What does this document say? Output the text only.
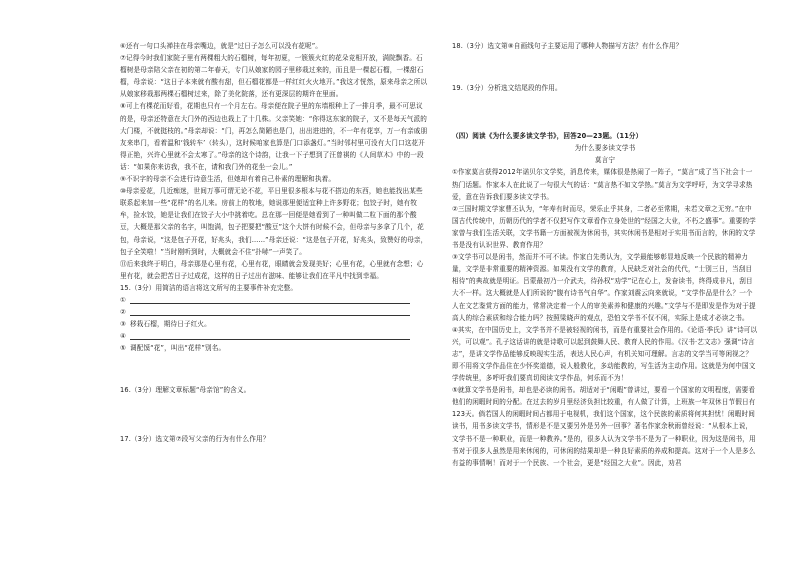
⑥还有一句口头禅挂在母亲嘴边，就是“过日子怎么可以没有花呢”。

⑦记得今时我们家院子里有两棵粗大的石榴树，每年初夏，一簇簇火红的花朵竞相开放，满院飘香。石榴树是母亲陪父亲在初的第二年春天，专门从娘家的园子里移栽过来的，而且是一棵起石榴，一棵甜石榴，母亲说：“这日子本来就有酸有甜，但石榴花都是一样红红火火地开。”我这才恍然，原来母亲之所以从娘家移栽那两棵石榴树过来，除了美化院落，还有更深层的期许在里面。

⑧可上有棵花而好看，花期也只有一个月左右。母亲便在院子里的东墙根种上了一排月季，最不可思议的是，母亲还特意在大门外的西边也栽上了十几株。父亲笑她：“你得这东家的院子，又不是每天气派的大门楼，不就挺枝的。”母亲却说：“门，再怎么简陋也是门，出出进进的，不一年有花享，万一有亲戚朋友来串门，看着温和‘钱转车’（转头），这时候咱家也算是门口添盏灯。”当时邻村里可没有大门口这花开得正艳，兴许心里就不会太寒了。”母亲的这个诗韵，让我一下子想到了汪曾祺的《人间草木》中的一段话：“如果你来访我，我不在，请和我门外的花坐一会儿。”

⑨不识字的母亲不会进行诗意生活，但她却有着自己朴素的理解和执着。

⑩母亲爱花，几近痴迷，世间万事可谓无论不花，平日里很多根本与花不搭边的东西，她也能找出某些联系起来加一些“花样”的名儿来。房前上的牧地，她说那里便适宜种上许多野花；包饺子时，她有牧牟，捡水饺，她是让我们在饺子大小中挑着吃。总在那一回便是她看到了一种叫做二粒下面的那个酸豆，大概是那父亲的名字，叫饱满，包子把要把“酸豆”这个大饼有时候不会，但母亲与多拿了几个，花包，母亲说，“这是包子开花，好兆头，我们……”母亲还说：“这是包子开花，好兆头，致赞好的母亲，包子全笑啦！”当时刚听到时，大概就会不住“扑哧”一声笑了。

⑪后来我终于明白，母亲那是心里有花，心里有花，眼睛就会发现美好；心里有花，心里就有念想；心里有花，就会把苦日子过成花，这样的日子过出有滋味、能够让我们在平凡中找到幸福。

15.（3分）用简洁的语言将这文所写的主要事件补充完整。

①
②
③ 移栽石榴，期待日子红火。
④
⑤ 调配馍“花”，叫出“花样”别名。

16.（3分）理解文章标题“母亲馆”的含义。

17.（3分）选文第⑦段写父亲的行为有什么作用？

18.（3分）选文第⑧自画线句子主要运用了哪种人物描写方法？有什么作用？

19.（3分）分析选文结尾段的作用。

（四）阅读《为什么要多读文学书》，回答20—23题。（11分）

为什么要多读文学书

莫言宁

①作家莫言获得2012年诺贝尔文学奖，消息传来，媒体很是热闹了一阵子，“莫言”成了当下社会十一热门话题。作家本人在此说了一句很大气的话：“莫言热不如文学热。”莫言为文学呼吁，为文学寻求热爱，意在告诉我们要多读文学书。

②三国时期文学家曹丕认为，“年寿有时而尽，荣乐止乎其身，二者必至常期，未若文章之无穷。”在中国古代传统中，历朝历代的学者不仅把写作文章看作立身处世的“经国之大业，不朽之盛事”。重要的学家曾与我们生活关联，文学书籍一方面被视为休闲书，其实休闲书是相对于实用书而言的，休闲的文学书是没有认识世界、教育作用？

③文学书可以是闲书，然而并不可不读。作家白先勇认为，文学最能够彰显地反映一个民族的精神力量，文学是非常重要的精神资源。如果没有文学的教育，人民缺乏对社会的代代，“士别三日，当刮目相待”的典故就是明证。吕蒙最初乃一介武夫，待孙权“劝学”记在心上，发奋读书，终得成非凡，刮目大不一样。这大概就是人们所说的“腹有诗书气自华”。作家刘震云向来就说，“文学作品是什么？一个人在文艺鉴赏方面的能力，常常决定着一个人的审美素养和健康的兴趣。”文学与不是即发是作为对于提高人的综合素质和综合能力吗？按照梁晓声的观点，恐怕文学书不仅不闲，实际上是成才必读之书。

④其实，在中国历史上，文学书并不是被轻视的闲书，而是有重要社会作用的。《论语·季氏》讲“诗可以兴，可以观”。孔子这话讲的就是诗歌可以起到鼓舞人民、教育人民的作用。《汉书·艺文志》强调“诗言志”，是讲文学作品能够反映现实生活，表达人民心声，有机关知可理解。言志的文学当可等闲视之？即不用将文学作品住在少怀奖道德，说人般教化，多动能教的，写生活为主动作用。这就是为何中国文学传统里，多呼吁我们要真切阅读文学作品，何乐而不为！

⑤就算文学书是闲书，却也是必读的闲书。胡适对于“闲暇”曾讲过，要看一个国家的文明程度，需要看他们的闲暇时间的分配。在过去的岁月里经济负担比较重，有人做了计算，上班族一年双休日节假日有123天。倘若国人的闲暇时间占都用于电视机，我们这个国家，这个民族的素质将何其担忧！闲暇时间读书，用书多读文学书，情形是不是又要另外是另外一回事？著名作家余秋雨曾经说：“从根本上说，文学书不是一种职业，而是一种教养。”是的，很多人认为文学书不是为了一种职业，因为这是闲书，用书对于很多人虽然是用来休闲的，可休闲的结果却是一种良好素质的养成和提高。这对于一个人是多么有益的事情啊！而对于一个民族、一个社会，更是“经国之大业”。因此，劝君
